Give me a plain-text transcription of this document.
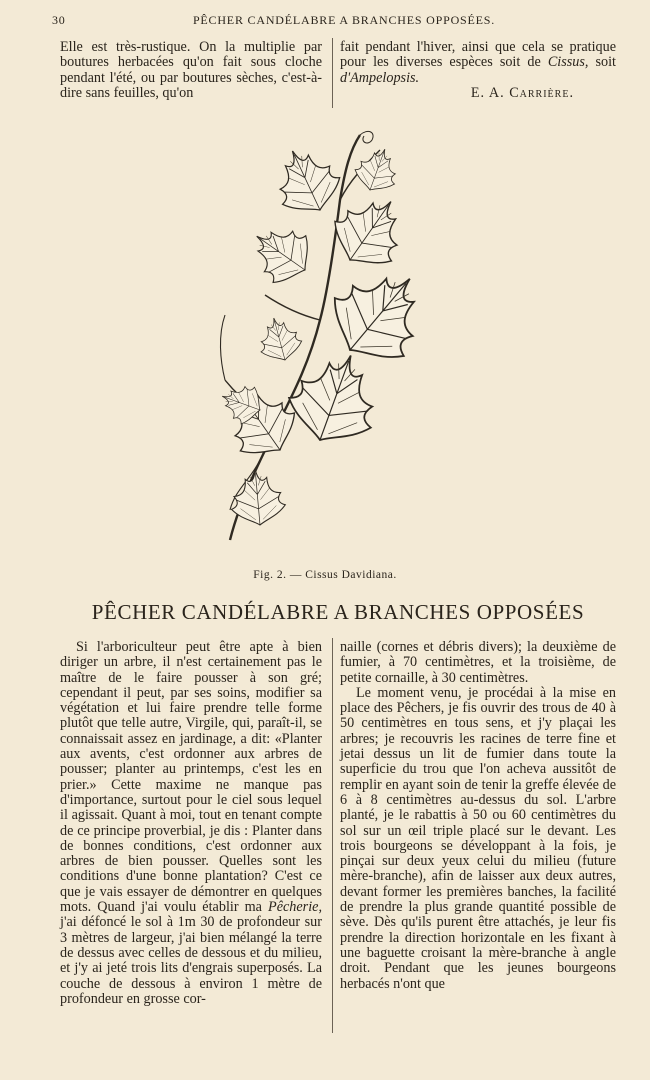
30	PÊCHER CANDÉLABRE A BRANCHES OPPOSÉES.

Elle est très-rustique. On la multiplie par boutures herbacées qu'on fait sous cloche pendant l'été, ou par boutures sèches, c'est-à-dire sans feuilles, qu'on

fait pendant l'hiver, ainsi que cela se pratique pour les diverses espèces soit de Cissus, soit d'Ampelopsis.

E. A. Carrière.

Fig. 2. — Cissus Davidiana.
PÊCHER CANDÉLABRE A BRANCHES OPPOSÉES

Si l'arboriculteur peut être apte à bien diriger un arbre, il n'est certainement pas le maître de le faire pousser à son gré; cependant il peut, par ses soins, modifier sa végétation et lui faire prendre telle forme plutôt que telle autre, Virgile, qui, paraît-il, se connaissait assez en jardinage, a dit: «Planter aux avents, c'est ordonner aux arbres de pousser; planter au printemps, c'est les en prier.» Cette maxime ne manque pas d'importance, surtout pour le ciel sous lequel il agissait. Quant à moi, tout en tenant compte de ce principe proverbial, je dis : Planter dans de bonnes conditions, c'est ordonner aux arbres de bien pousser. Quelles sont les conditions d'une bonne plantation? C'est ce que je vais essayer de démontrer en quelques mots. Quand j'ai voulu établir ma Pêcherie, j'ai défoncé le sol à 1m 30 de profondeur sur 3 mètres de largeur, j'ai bien mélangé la terre de dessus avec celles de dessous et du milieu, et j'y ai jeté trois lits d'engrais superposés. La couche de dessous à environ 1 mètre de profondeur en grosse cor-

naille (cornes et débris divers); la deuxième de fumier, à 70 centimètres, et la troisième, de petite cornaille, à 30 centimètres.

Le moment venu, je procédai à la mise en place des Pêchers, je fis ouvrir des trous de 40 à 50 centimètres en tous sens, et j'y plaçai les arbres; je recouvris les racines de terre fine et jetai dessus un lit de fumier dans toute la superficie du trou que l'on acheva aussitôt de remplir en ayant soin de tenir la greffe élevée de 6 à 8 centimètres au-dessus du sol. L'arbre planté, je le rabattis à 50 ou 60 centimètres du sol sur un œil triple placé sur le devant. Les trois bourgeons se développant à la fois, je pinçai sur deux yeux celui du milieu (future mère-branche), afin de laisser aux deux autres, devant former les premières banches, la facilité de prendre la plus grande quantité possible de sève. Dès qu'ils purent être attachés, je leur fis prendre la direction horizontale en les fixant à une baguette croisant la mère-branche à angle droit. Pendant que les jeunes bourgeons herbacés n'ont que
